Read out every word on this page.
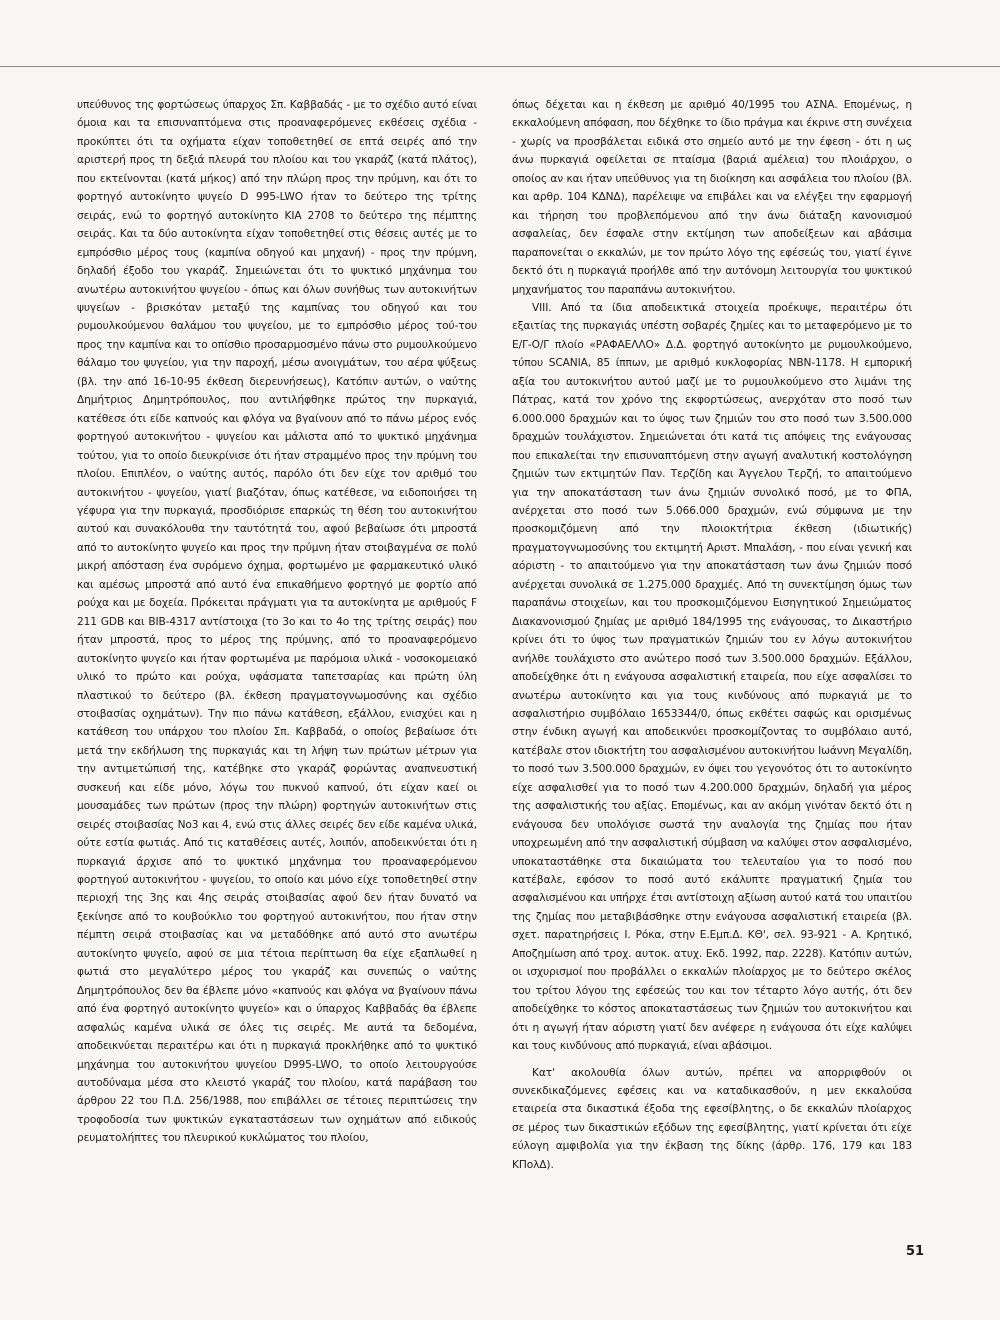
υπεύθυνος της φορτώσεως ύπαρχος Σπ. Καββαδάς - με το σχέδιο αυτό είναι όμοια και τα επισυναπτόμενα στις προαναφερόμενες εκθέσεις σχέδια - προκύπτει ότι τα οχήματα είχαν τοποθετηθεί σε επτά σειρές από την αριστερή προς τη δεξιά πλευρά του πλοίου και του γκαράζ (κατά πλάτος), που εκτείνονται (κατά μήκος) από την πλώρη προς την πρύμνη, και ότι το φορτηγό αυτοκίνητο ψυγείο D 995-LWO ήταν το δεύτερο της τρίτης σειράς, ενώ το φορτηγό αυτοκίνητο ΚΙΑ 2708 το δεύτερο της πέμπτης σειράς. Και τα δύο αυτοκίνητα είχαν τοποθετηθεί στις θέσεις αυτές με το εμπρόσθιο μέρος τους (καμπίνα οδηγού και μηχανή) - προς την πρύμνη, δηλαδή έξοδο του γκαράζ. Σημειώνεται ότι το ψυκτικό μηχάνημα του ανωτέρω αυτοκινήτου ψυγείου - όπως και όλων συνήθως των αυτοκινήτων ψυγείων - βρισκόταν μεταξύ της καμπίνας του οδηγού και του ρυμουλκούμενου θαλάμου του ψυγείου, με το εμπρόσθιο μέρος τού-του προς την καμπίνα και το οπίσθιο προσαρμοσμένο πάνω στο ρυμουλκούμενο θάλαμο του ψυγείου, για την παροχή, μέσω ανοιγμάτων, του αέρα ψύξεως (βλ. την από 16-10-95 έκθεση διερευνήσεως), Κατόπιν αυτών, ο ναύτης Δημήτριος Δημητρόπουλος, που αντιλήφθηκε πρώτος την πυρκαγιά, κατέθεσε ότι είδε καπνούς και φλόγα να βγαίνουν από το πάνω μέρος ενός φορτηγού αυτοκινήτου - ψυγείου και μάλιστα από το ψυκτικό μηχάνημα τούτου, για το οποίο διευκρίνισε ότι ήταν στραμμένο προς την πρύμνη του πλοίου. Επιπλέον, ο ναύτης αυτός, παρόλο ότι δεν είχε τον αριθμό του αυτοκινήτου - ψυγείου, γιατί βιαζόταν, όπως κατέθεσε, να ειδοποιήσει τη γέφυρα για την πυρκαγιά, προσδιόρισε επαρκώς τη θέση του αυτοκινήτου αυτού και συνακόλουθα την ταυτότητά του, αφού βεβαίωσε ότι μπροστά από το αυτοκίνητο ψυγείο και προς την πρύμνη ήταν στοιβαγμένα σε πολύ μικρή απόσταση ένα συρόμενο όχημα, φορτωμένο με φαρμακευτικό υλικό και αμέσως μπροστά από αυτό ένα επικαθήμενο φορτηγό με φορτίο από ρούχα και με δοχεία. Πρόκειται πράγματι για τα αυτοκίνητα με αριθμούς F 211 GDB και BIB-4317 αντίστοιχα (το 3ο και το 4ο της τρίτης σειράς) που ήταν μπροστά, προς το μέρος της πρύμνης, από το προαναφερόμενο αυτοκίνητο ψυγείο και ήταν φορτωμένα με παρόμοια υλικά - νοσοκομειακό υλικό το πρώτο και ρούχα, υφάσματα ταπετσαρίας και πρώτη ύλη πλαστικού το δεύτερο (βλ. έκθεση πραγματογνωμοσύνης και σχέδιο στοιβασίας οχημάτων). Την πιο πάνω κατάθεση, εξάλλου, ενισχύει και η κατάθεση του υπάρχου του πλοίου Σπ. Καββαδά, ο οποίος βεβαίωσε ότι μετά την εκδήλωση της πυρκαγιάς και τη λήψη των πρώτων μέτρων για την αντιμετώπισή της, κατέβηκε στο γκαράζ φορώντας αναπνευστική συσκευή και είδε μόνο, λόγω του πυκνού καπνού, ότι είχαν καεί οι μουσαμάδες των πρώτων (προς την πλώρη) φορτηγών αυτοκινήτων στις σειρές στοιβασίας Νο3 και 4, ενώ στις άλλες σειρές δεν είδε καμένα υλικά, ούτε εστία φωτιάς. Από τις καταθέσεις αυτές, λοιπόν, αποδεικνύεται ότι η πυρκαγιά άρχισε από το ψυκτικό μηχάνημα του προαναφερόμενου φορτηγού αυτοκινήτου - ψυγείου, το οποίο και μόνο είχε τοποθετηθεί στην περιοχή της 3ης και 4ης σειράς στοιβασίας αφού δεν ήταν δυνατό να ξεκίνησε από το κουβούκλιο του φορτηγού αυτοκινήτου, που ήταν στην πέμπτη σειρά στοιβασίας και να μεταδόθηκε από αυτό στο ανωτέρω αυτοκίνητο ψυγείο, αφού σε μια τέτοια περίπτωση θα είχε εξαπλωθεί η φωτιά στο μεγαλύτερο μέρος του γκαράζ και συνεπώς ο ναύτης Δημητρόπουλος δεν θα έβλεπε μόνο «καπνούς και φλόγα να βγαίνουν πάνω από ένα φορτηγό αυτοκίνητο ψυγείο» και ο ύπαρχος Καββαδάς θα έβλεπε ασφαλώς καμένα υλικά σε όλες τις σειρές. Με αυτά τα δεδομένα, αποδεικνύεται περαιτέρω και ότι η πυρκαγιά προκλήθηκε από το ψυκτικό μηχάνημα του αυτοκινήτου ψυγείου D995-LWO, το οποίο λειτουργούσε αυτοδύναμα μέσα στο κλειστό γκαράζ του πλοίου, κατά παράβαση του άρθρου 22 του Π.Δ. 256/1988, που επιβάλλει σε τέτοιες περιπτώσεις την τροφοδοσία των ψυκτικών εγκαταστάσεων των οχημάτων από ειδικούς ρευματολήπτες του πλευρικού κυκλώματος του πλοίου,

όπως δέχεται και η έκθεση με αριθμό 40/1995 του ΑΣΝΑ. Επομένως, η εκκαλούμενη απόφαση, που δέχθηκε το ίδιο πράγμα και έκρινε στη συνέχεια - χωρίς να προσβάλεται ειδικά στο σημείο αυτό με την έφεση - ότι η ως άνω πυρκαγιά οφείλεται σε πταίσμα (βαριά αμέλεια) του πλοιάρχου, ο οποίος αν και ήταν υπεύθυνος για τη διοίκηση και ασφάλεια του πλοίου (βλ. και αρθρ. 104 ΚΔΝΔ), παρέλειψε να επιβάλει και να ελέγξει την εφαρμογή και τήρηση του προβλεπόμενου από την άνω διάταξη κανονισμού ασφαλείας, δεν έσφαλε στην εκτίμηση των αποδείξεων και αβάσιμα παραπονείται ο εκκαλών, με τον πρώτο λόγο της εφέσεώς του, γιατί έγινε δεκτό ότι η πυρκαγιά προήλθε από την αυτόνομη λειτουργία του ψυκτικού μηχανήματος του παραπάνω αυτοκινήτου.

VIII. Από τα ίδια αποδεικτικά στοιχεία προέκυψε, περαιτέρω ότι εξαιτίας της πυρκαγιάς υπέστη σοβαρές ζημίες και το μεταφερόμενο με το Ε/Γ-Ο/Γ πλοίο «ΡΑΦΑΕΛΛΟ» Δ.Δ. φορτηγό αυτοκίνητο με ρυμουλκούμενο, τύπου SCANIA, 85 ίππων, με αριθμό κυκλοφορίας NBN-1178. Η εμπορική αξία του αυτοκινήτου αυτού μαζί με το ρυμουλκούμενο στο λιμάνι της Πάτρας, κατά τον χρόνο της εκφορτώσεως, ανερχόταν στο ποσό των 6.000.000 δραχμών και το ύψος των ζημιών του στο ποσό των 3.500.000 δραχμών τουλάχιστον. Σημειώνεται ότι κατά τις απόψεις της ενάγουσας που επικαλείται την επισυναπτόμενη στην αγωγή αναλυτική κοστολόγηση ζημιών των εκτιμητών Παν. Τερζίδη και Άγγελου Τερζή, το απαιτούμενο για την αποκατάσταση των άνω ζημιών συνολικό ποσό, με το ΦΠΑ, ανέρχεται στο ποσό των 5.066.000 δραχμών, ενώ σύμφωνα με την προσκομιζόμενη από την πλοιοκτήτρια έκθεση (ιδιωτικής) πραγματογνωμοσύνης του εκτιμητή Αριστ. Μπαλάση, - που είναι γενική και αόριστη - το απαιτούμενο για την αποκατάσταση των άνω ζημιών ποσό ανέρχεται συνολικά σε 1.275.000 δραχμές. Από τη συνεκτίμηση όμως των παραπάνω στοιχείων, και του προσκομιζόμενου Εισηγητικού Σημειώματος Διακανονισμού ζημίας με αριθμό 184/1995 της ενάγουσας, το Δικαστήριο κρίνει ότι το ύψος των πραγματικών ζημιών του εν λόγω αυτοκινήτου ανήλθε τουλάχιστο στο ανώτερο ποσό των 3.500.000 δραχμών. Εξάλλου, αποδείχθηκε ότι η ενάγουσα ασφαλιστική εταιρεία, που είχε ασφαλίσει το ανωτέρω αυτοκίνητο και για τους κινδύνους από πυρκαγιά με το ασφαλιστήριο συμβόλαιο 1653344/0, όπως εκθέτει σαφώς και ορισμένως στην ένδικη αγωγή και αποδεικνύει προσκομίζοντας το συμβόλαιο αυτό, κατέβαλε στον ιδιοκτήτη του ασφαλισμένου αυτοκινήτου Ιωάννη Μεγαλίδη, το ποσό των 3.500.000 δραχμών, εν όψει του γεγονότος ότι το αυτοκίνητο είχε ασφαλισθεί για το ποσό των 4.200.000 δραχμών, δηλαδή για μέρος της ασφαλιστικής του αξίας. Επομένως, και αν ακόμη γινόταν δεκτό ότι η ενάγουσα δεν υπολόγισε σωστά την αναλογία της ζημίας που ήταν υποχρεωμένη από την ασφαλιστική σύμβαση να καλύψει στον ασφαλισμένο, υποκαταστάθηκε στα δικαιώματα του τελευταίου για το ποσό που κατέβαλε, εφόσον το ποσό αυτό εκάλυπτε πραγματική ζημία του ασφαλισμένου και υπήρχε έτσι αντίστοιχη αξίωση αυτού κατά του υπαιτίου της ζημίας που μεταβιβάσθηκε στην ενάγουσα ασφαλιστική εταιρεία (βλ. σχετ. παρατηρήσεις Ι. Ρόκα, στην Ε.Εμπ.Δ. ΚΘ', σελ. 93-921 - Α. Κρητικό, Αποζημίωση από τροχ. αυτοκ. ατυχ. Εκδ. 1992, παρ. 2228). Κατόπιν αυτών, οι ισχυρισμοί που προβάλλει ο εκκαλών πλοίαρχος με το δεύτερο σκέλος του τρίτου λόγου της εφέσεώς του και τον τέταρτο λόγο αυτής, ότι δεν αποδείχθηκε το κόστος αποκαταστάσεως των ζημιών του αυτοκινήτου και ότι η αγωγή ήταν αόριστη γιατί δεν ανέφερε η ενάγουσα ότι είχε καλύψει και τους κινδύνους από πυρκαγιά, είναι αβάσιμοι.

Κατ' ακολουθία όλων αυτών, πρέπει να απορριφθούν οι συνεκδικαζόμενες εφέσεις και να καταδικασθούν, η μεν εκκαλούσα εταιρεία στα δικαστικά έξοδα της εφεσίβλητης, ο δε εκκαλών πλοίαρχος σε μέρος των δικαστικών εξόδων της εφεσίβλητης, γιατί κρίνεται ότι είχε εύλογη αμφιβολία για την έκβαση της δίκης (άρθρ. 176, 179 και 183 ΚΠολΔ).

51
